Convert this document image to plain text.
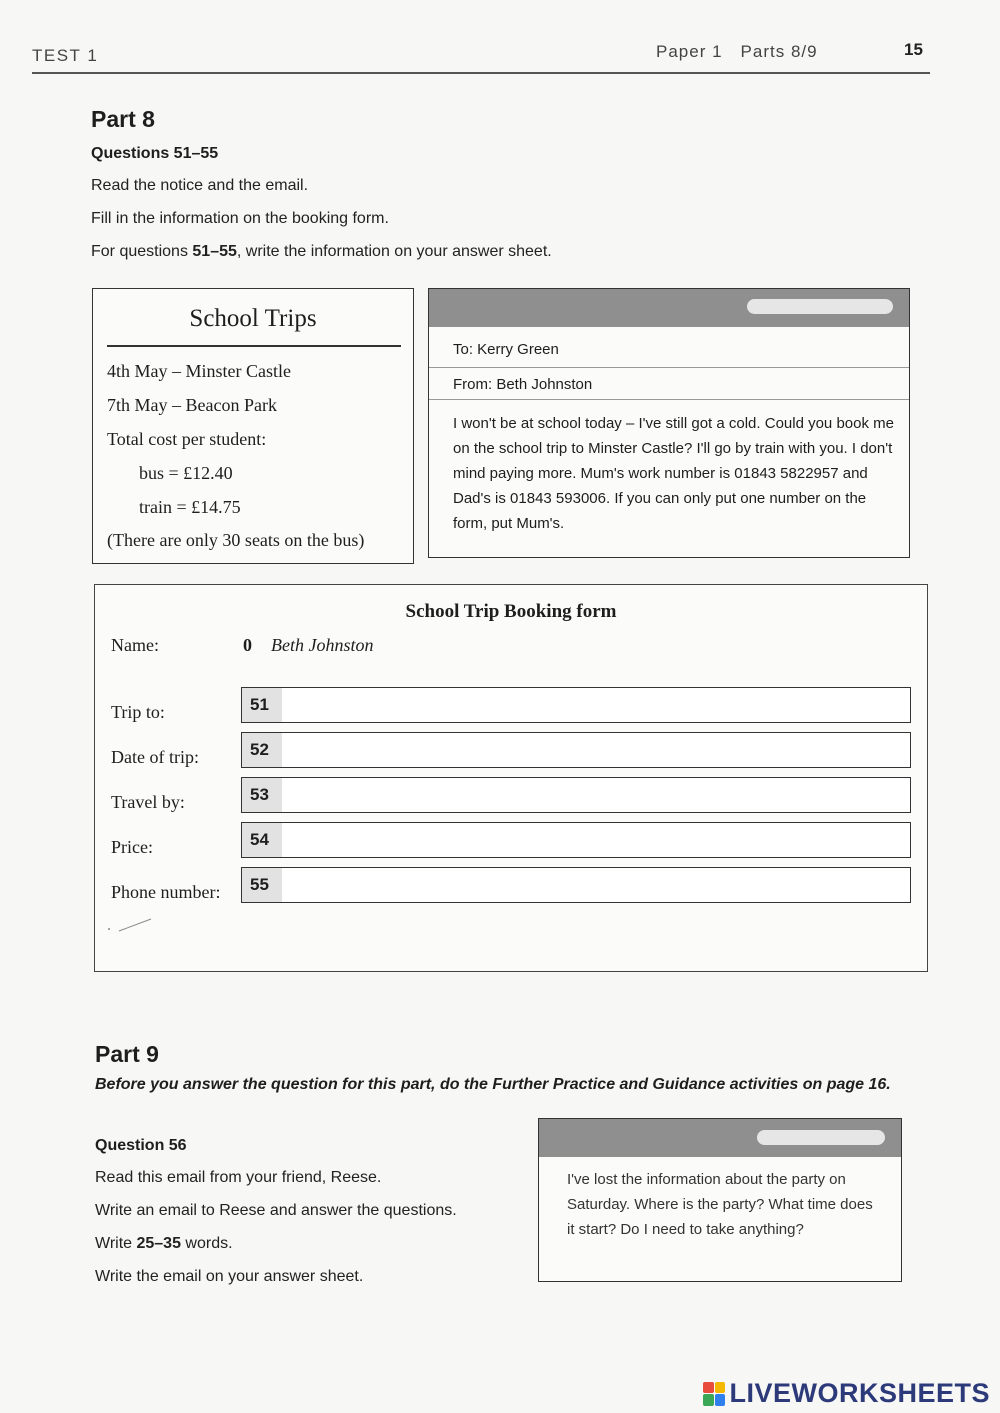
TEST 1	Paper 1 Parts 8/9	15
Part 8
Questions 51–55
Read the notice and the email.
Fill in the information on the booking form.
For questions 51–55, write the information on your answer sheet.
School Trips
4th May – Minster Castle
7th May – Beacon Park
Total cost per student:
bus = £12.40
train = £14.75
(There are only 30 seats on the bus)
To: Kerry Green
From: Beth Johnston
I won't be at school today – I've still got a cold. Could you book me on the school trip to Minster Castle? I'll go by train with you. I don't mind paying more. Mum's work number is 01843 5822957 and Dad's is 01843 593006. If you can only put one number on the form, put Mum's.
School Trip Booking form
Name:	0 Beth Johnston
Trip to:	51
Date of trip:	52
Travel by:	53
Price:	54
Phone number:	55
Part 9
Before you answer the question for this part, do the Further Practice and Guidance activities on page 16.
Question 56
Read this email from your friend, Reese.
Write an email to Reese and answer the questions.
Write 25–35 words.
Write the email on your answer sheet.
I've lost the information about the party on Saturday. Where is the party? What time does it start? Do I need to take anything?
LIVEWORKSHEETS
